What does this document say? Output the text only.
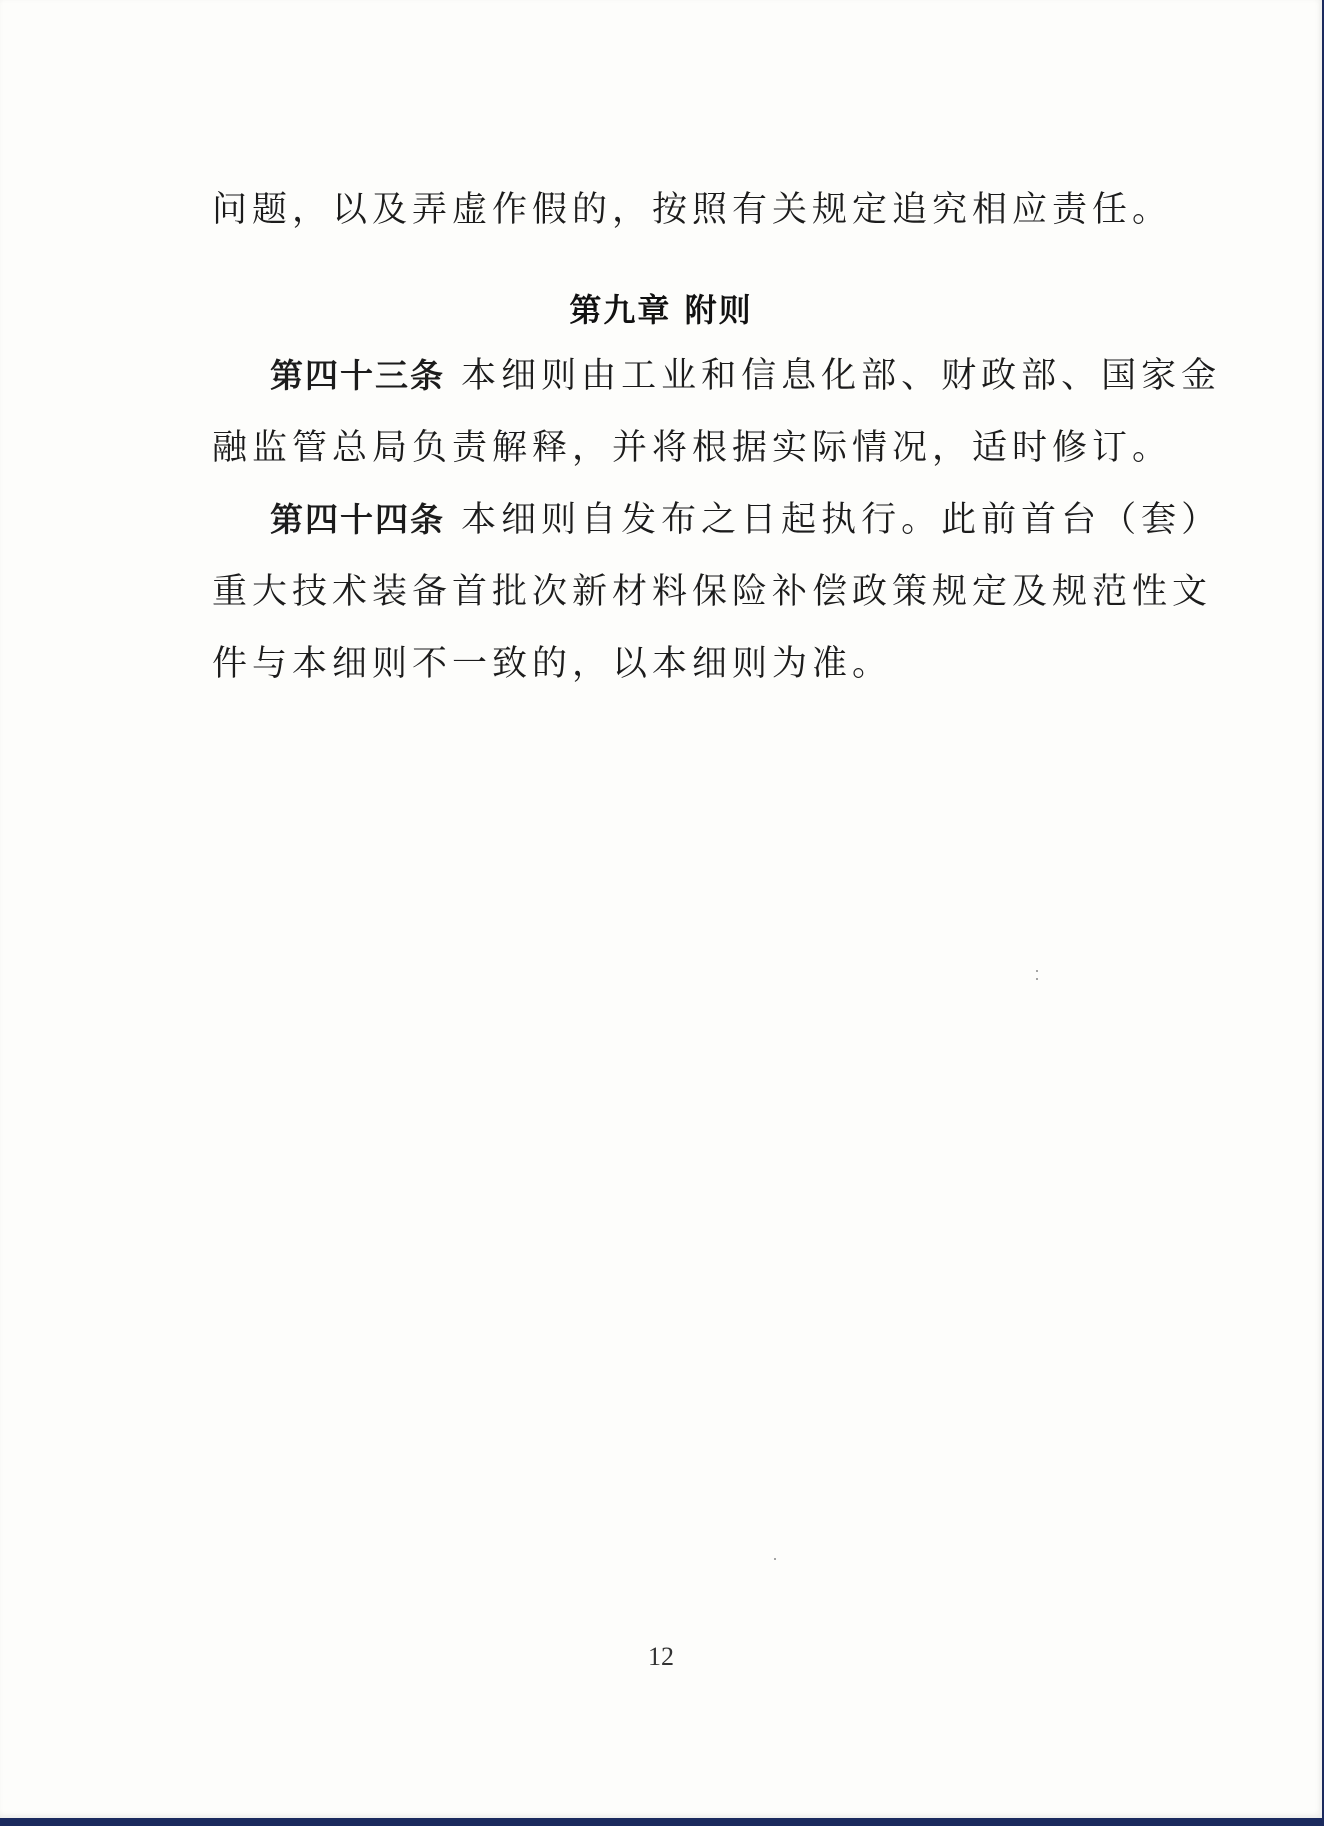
问题，以及弄虚作假的，按照有关规定追究相应责任。
第九章 附则
第四十三条 本细则由工业和信息化部、财政部、国家金
融监管总局负责解释，并将根据实际情况，适时修订。
第四十四条 本细则自发布之日起执行。此前首台（套）
重大技术装备首批次新材料保险补偿政策规定及规范性文
件与本细则不一致的，以本细则为准。
12
